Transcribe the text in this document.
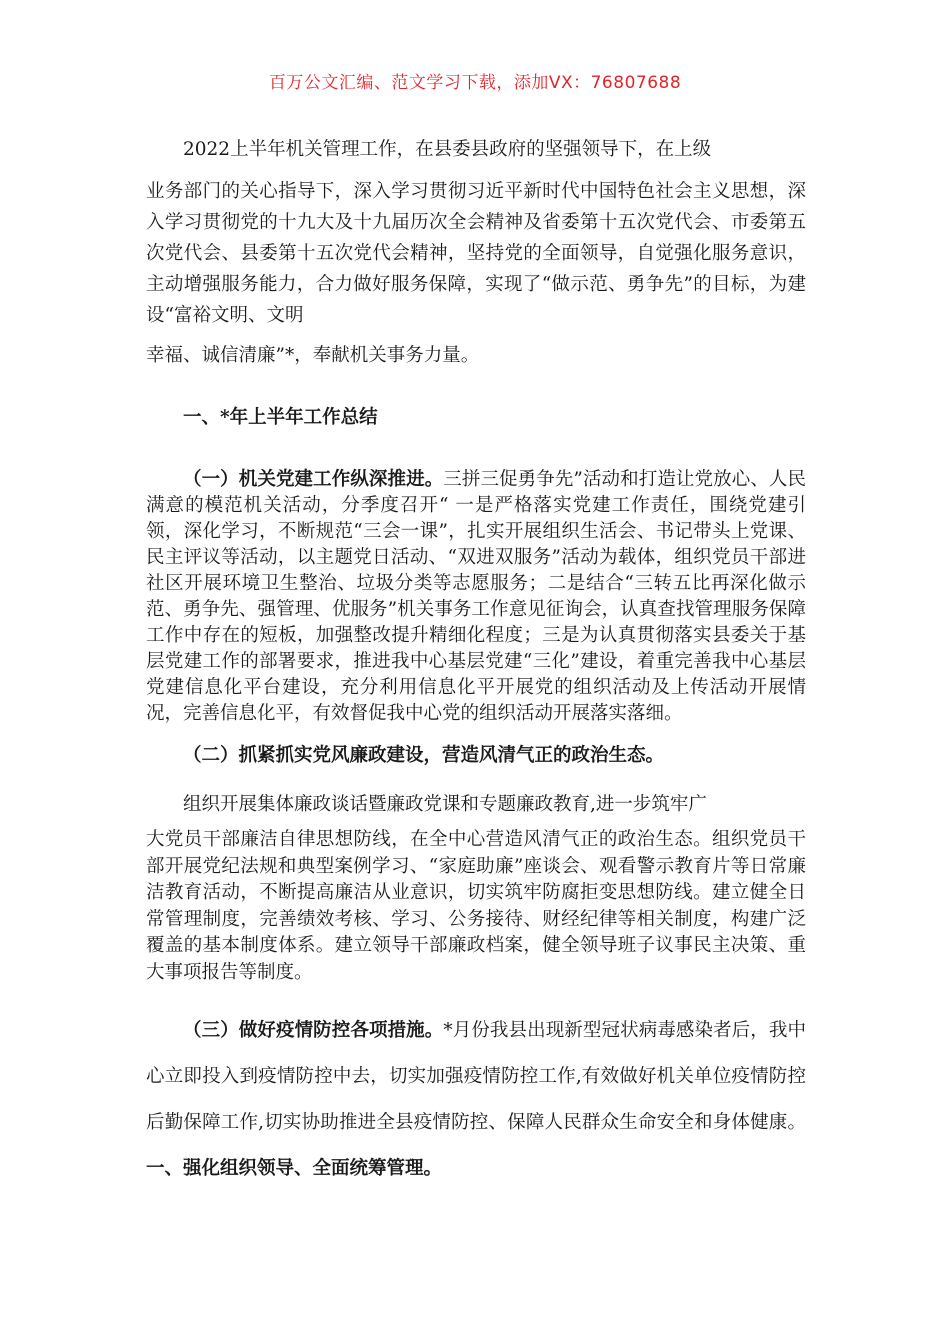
百万公文汇编、范文学习下载，添加VX：76807688

2022上半年机关管理工作，在县委县政府的坚强领导下，在上级

业务部门的关心指导下，深入学习贯彻习近平新时代中国特色社会主义思想，深入学习贯彻党的十九大及十九届历次全会精神及省委第十五次党代会、市委第五次党代会、县委第十五次党代会精神，坚持党的全面领导，自觉强化服务意识，主动增强服务能力，合力做好服务保障，实现了“做示范、勇争先”的目标，为建设“富裕文明、文明

幸福、诚信清廉”*，奉献机关事务力量。

一、*年上半年工作总结

（一）机关党建工作纵深推进。三拼三促勇争先”活动和打造让党放心、人民满意的模范机关活动，分季度召开“ 一是严格落实党建工作责任，围绕党建引领，深化学习，不断规范“三会一课”，扎实开展组织生活会、书记带头上党课、民主评议等活动，以主题党日活动、“双进双服务”活动为载体，组织党员干部进社区开展环境卫生整治、垃圾分类等志愿服务；二是结合“三转五比再深化做示范、勇争先、强管理、优服务”机关事务工作意见征询会，认真查找管理服务保障工作中存在的短板，加强整改提升精细化程度；三是为认真贯彻落实县委关于基层党建工作的部署要求，推进我中心基层党建“三化”建设，着重完善我中心基层党建信息化平台建设，充分利用信息化平开展党的组织活动及上传活动开展情况，完善信息化平，有效督促我中心党的组织活动开展落实落细。

（二）抓紧抓实党风廉政建设，营造风清气正的政治生态。

组织开展集体廉政谈话暨廉政党课和专题廉政教育,进一步筑牢广

大党员干部廉洁自律思想防线，在全中心营造风清气正的政治生态。组织党员干部开展党纪法规和典型案例学习、“家庭助廉”座谈会、观看警示教育片等日常廉洁教育活动，不断提高廉洁从业意识，切实筑牢防腐拒变思想防线。建立健全日常管理制度，完善绩效考核、学习、公务接待、财经纪律等相关制度，构建广泛覆盖的基本制度体系。建立领导干部廉政档案，健全领导班子议事民主决策、重大事项报告等制度。

（三）做好疫情防控各项措施。*月份我县出现新型冠状病毒感染者后，我中心立即投入到疫情防控中去，切实加强疫情防控工作,有效做好机关单位疫情防控后勤保障工作,切实协助推进全县疫情防控、保障人民群众生命安全和身体健康。一、强化组织领导、全面统筹管理。
